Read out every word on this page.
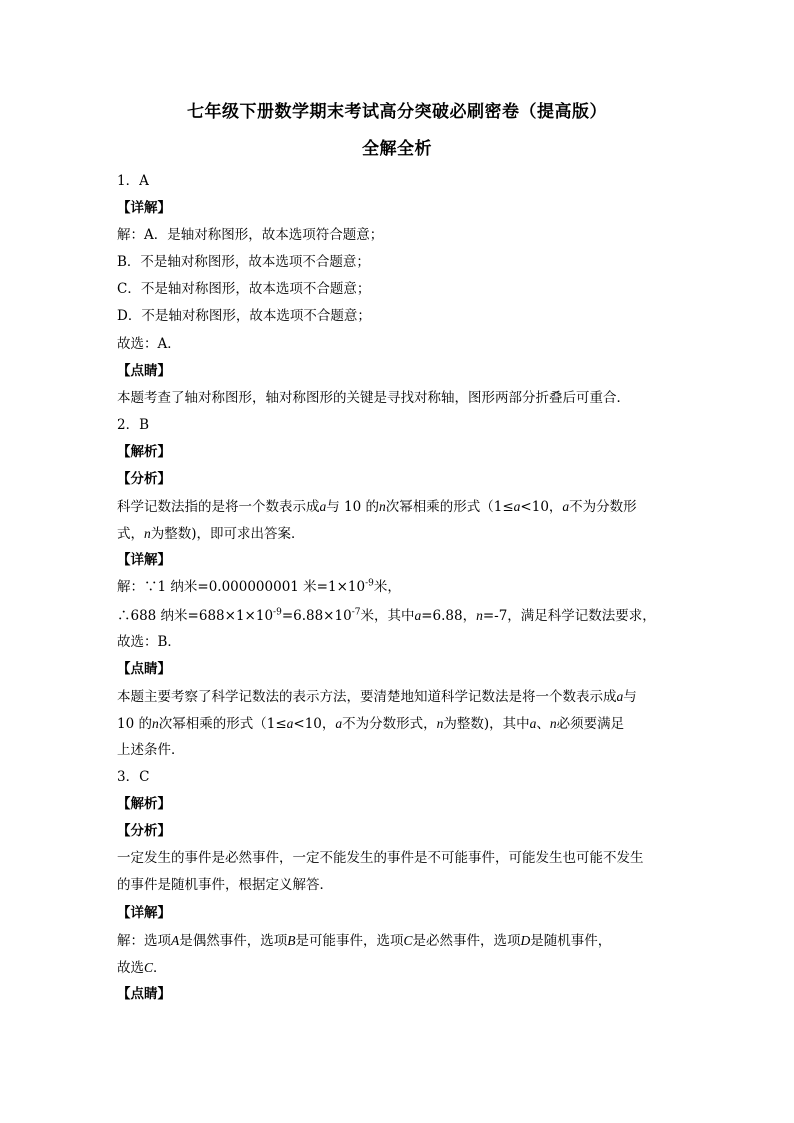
七年级下册数学期末考试高分突破必刷密卷（提高版）
全解全析
1．A
【详解】
解：A．是轴对称图形，故本选项符合题意；
B．不是轴对称图形，故本选项不合题意；
C．不是轴对称图形，故本选项不合题意；
D．不是轴对称图形，故本选项不合题意；
故选：A．
【点睛】
本题考查了轴对称图形，轴对称图形的关键是寻找对称轴，图形两部分折叠后可重合．
2．B
【解析】
【分析】
科学记数法指的是将一个数表示成a与 10 的n次幂相乘的形式（1≤a<10，a不为分数形
式，n为整数)，即可求出答案．
【详解】
解：∵1 纳米=0.000000001 米$=1\times 10^{-9}$米，
∴688 纳米$=688\times 1\times 10^{-9}=6.88\times 10^{-7}$米，其中a=6.88，n=-7，满足科学记数法要求，
故选：B．
【点睛】
本题主要考察了科学记数法的表示方法，要清楚地知道科学记数法是将一个数表示成a与
10 的n次幂相乘的形式（1≤a<10，a不为分数形式，n为整数)，其中a、n必须要满足
上述条件．
3．C
【解析】
【分析】
一定发生的事件是必然事件，一定不能发生的事件是不可能事件，可能发生也可能不发生
的事件是随机事件，根据定义解答．
【详解】
解：选项A是偶然事件，选项B是可能事件，选项C是必然事件，选项D是随机事件，
故选C．
【点睛】
